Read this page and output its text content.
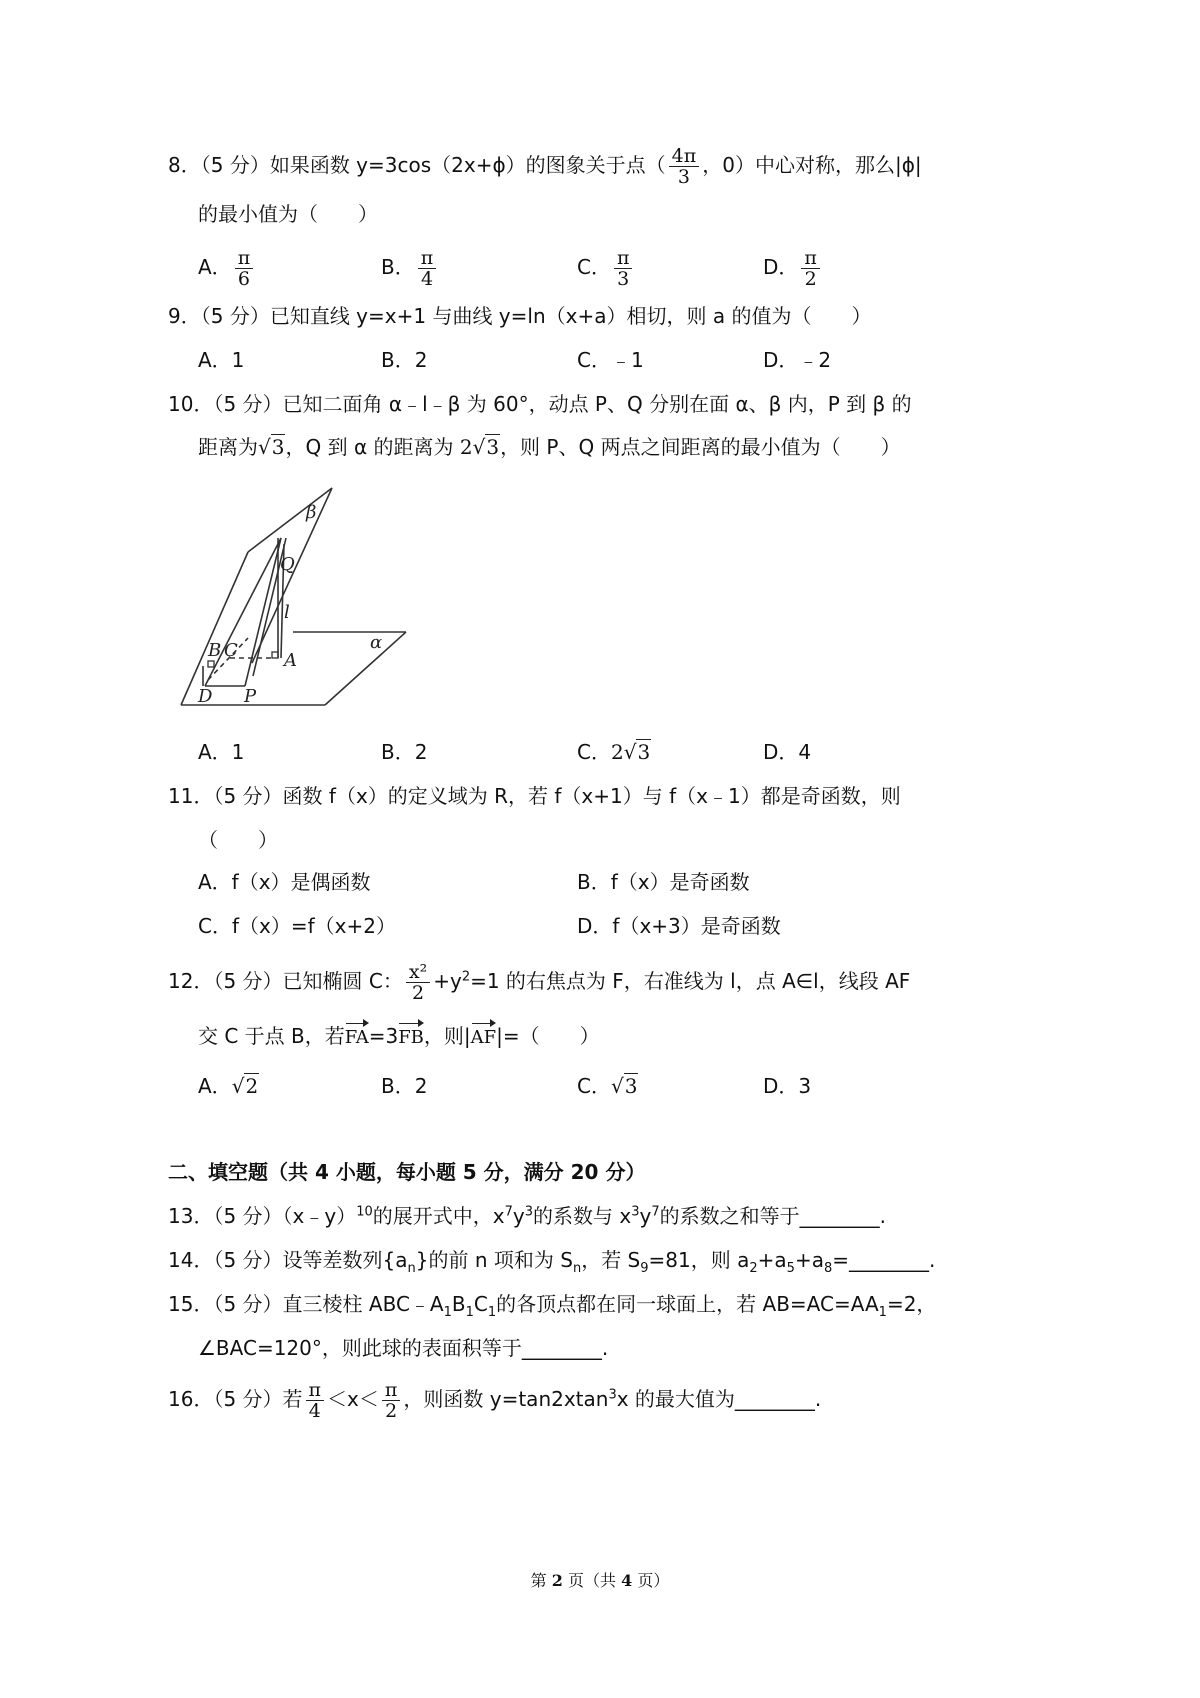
8．（5 分）如果函数 y=3cos（2x+ϕ）的图象关于点（ $\frac{4\pi}{3}$ ，0）中心对称，那么|ϕ|
的最小值为（　　）
A． $\frac{\pi}{6}$	B． $\frac{\pi}{4}$	C． $\frac{\pi}{3}$	D． $\frac{\pi}{2}$
9．（5 分）已知直线 y=x+1 与曲线 y=ln（x+a）相切，则 a 的值为（　　）
A．1	B．2	C．﹣1	D．﹣2
10．（5 分）已知二面角 α﹣l﹣β 为 60°，动点 P、Q 分别在面 α、β 内，P 到 β 的
距离为√3，Q 到 α 的距离为 2√3，则 P、Q 两点之间距离的最小值为（　　）
β
Q
l
B C	A
α
D P
A．1	B．2	C．2√3	D．4
11．（5 分）函数 f（x）的定义域为 R，若 f（x+1）与 f（x﹣1）都是奇函数，则
（　　）
A．f（x）是偶函数	B．f（x）是奇函数
C．f（x）=f（x+2）	D．f（x+3）是奇函数
12．（5 分）已知椭圆 C： $\frac{\text{x²}}{2} +y^2=1$ 的右焦点为 F，右准线为 l，点 A∈l，线段 AF
交 C 于点 B，若FA=3FB，则|AF|=（　　）
A．√2	B．2	C．√3	D．3
二、填空题（共 4 小题，每小题 5 分，满分 20 分）
13．（5 分）（x﹣y）$^{10}$的展开式中，$x^7y^3$的系数与 $x^3y^7$的系数之和等于________.
14．（5 分）设等差数列$\{a_n\}$的前 n 项和为 $S_n$，若 $S_9=81$，则 $a_2+a_5+a_8=\_\_\_\_\_\_\_\_$.
15．（5 分）直三棱柱 $ABC﹣A_1B_1C_1$的各顶点都在同一球面上，若 $AB=AC=AA_1=2$，
∠BAC=120°，则此球的表面积等于________.
16．（5 分）若 $\frac{\pi}{4} <x< \frac{\pi}{2}$ ，则函数 y=tan2xtan$^3$x 的最大值为________.
第 2 页（共 4 页）
